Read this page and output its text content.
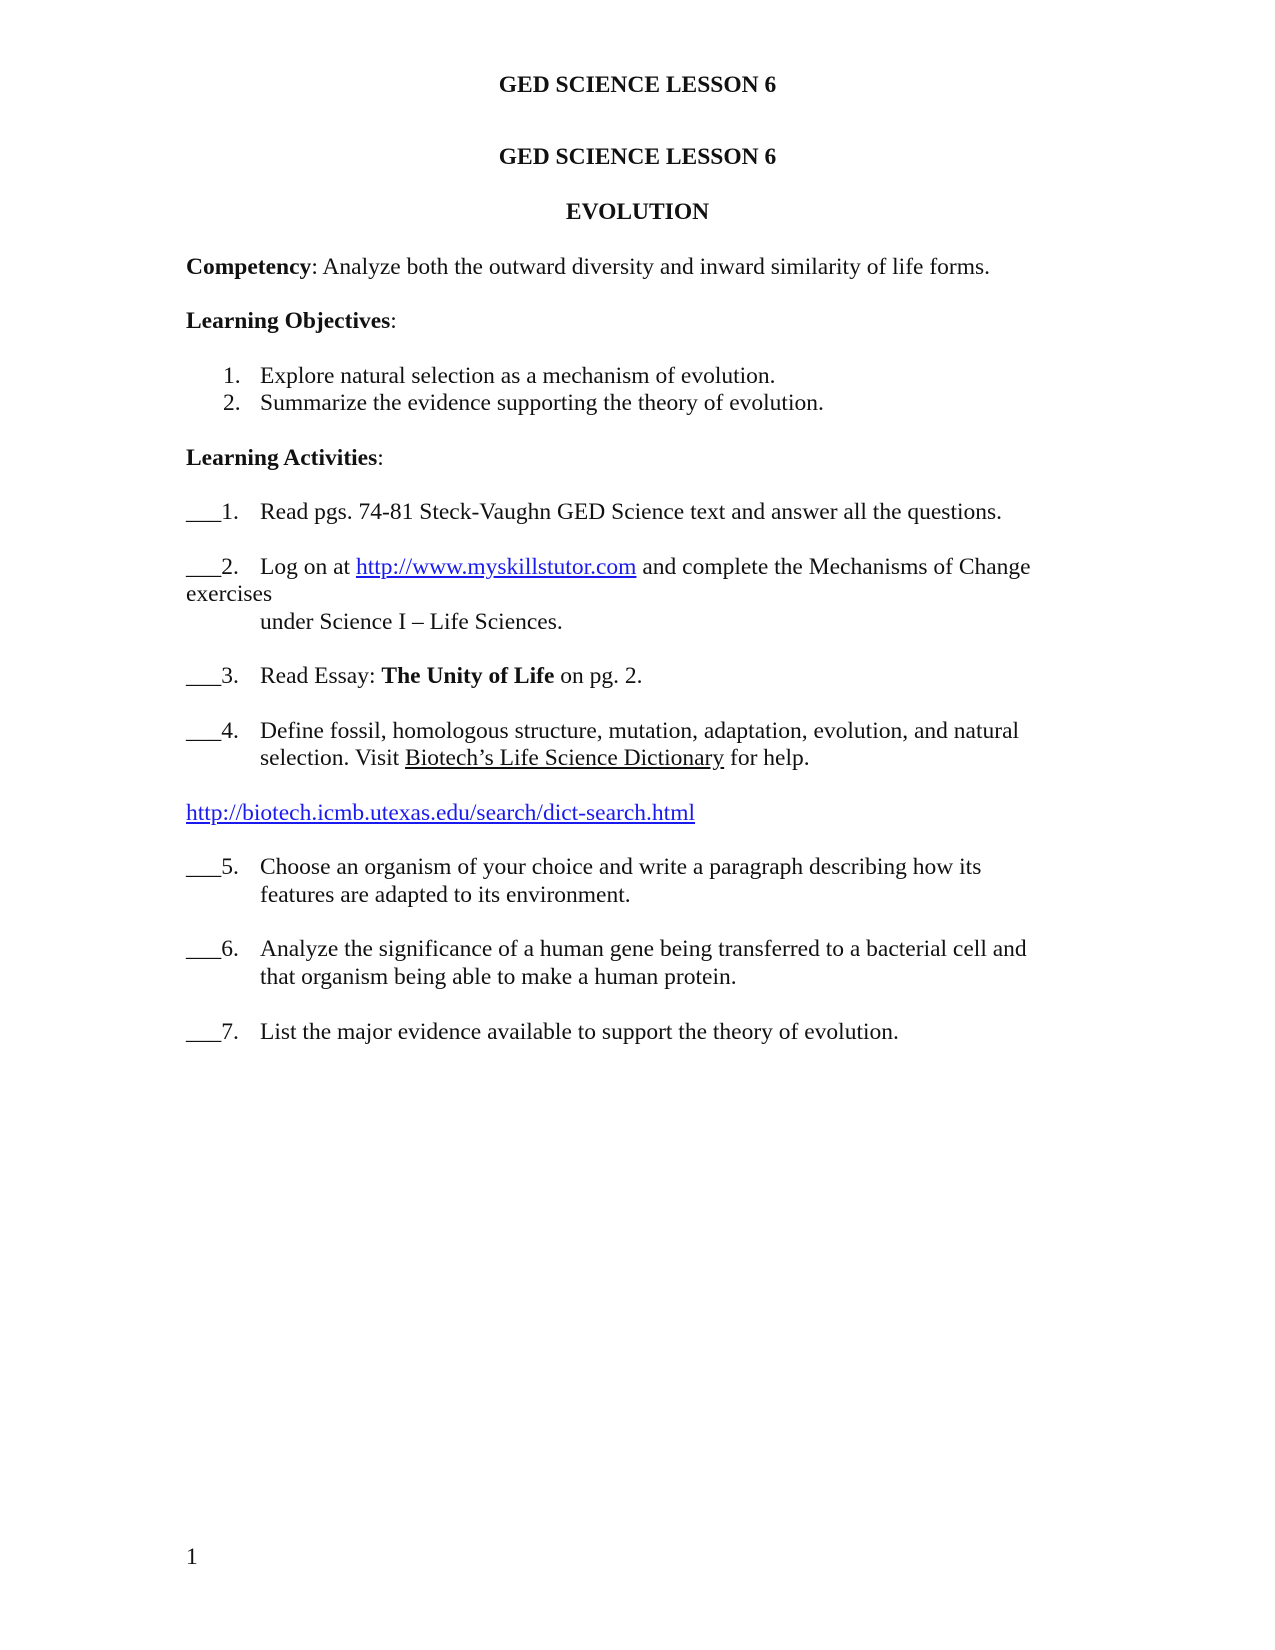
GED SCIENCE LESSON 6
GED SCIENCE LESSON 6
EVOLUTION
Competency: Analyze both the outward diversity and inward similarity of life forms.
Learning Objectives:
1. Explore natural selection as a mechanism of evolution.
2. Summarize the evidence supporting the theory of evolution.
Learning Activities:
___1. Read pgs. 74-81 Steck-Vaughn GED Science text and answer all the questions.
___2. Log on at http://www.myskillstutor.com and complete the Mechanisms of Change
exercises
under Science I – Life Sciences.
___3. Read Essay: The Unity of Life on pg. 2.
___4. Define fossil, homologous structure, mutation, adaptation, evolution, and natural
selection. Visit Biotech’s Life Science Dictionary for help.
http://biotech.icmb.utexas.edu/search/dict-search.html
___5. Choose an organism of your choice and write a paragraph describing how its
features are adapted to its environment.
___6. Analyze the significance of a human gene being transferred to a bacterial cell and
that organism being able to make a human protein.
___7. List the major evidence available to support the theory of evolution.
1
